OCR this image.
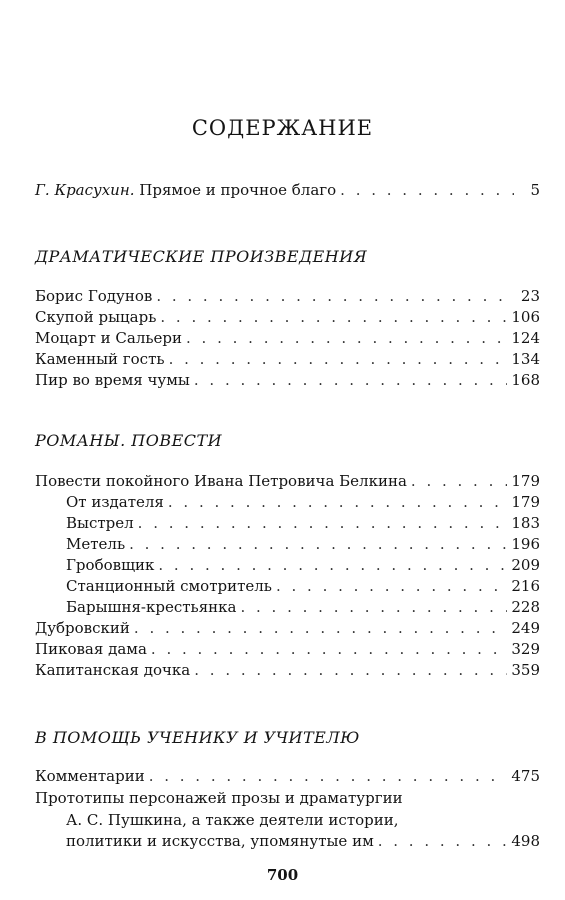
СОДЕРЖАНИЕ
Г. Красухин. Прямое и прочное благо . . .	5
ДРАМАТИЧЕСКИЕ ПРОИЗВЕДЕНИЯ
Борис Годунов . . .	23
Скупой рыцарь . . .	106
Моцарт и Сальери . . .	124
Каменный гость . . .	134
Пир во время чумы . . .	168
РОМАНЫ. ПОВЕСТИ
Повести покойного Ивана Петровича Белкина . . .	179
От издателя . . .	179
Выстрел . . .	183
Метель . . .	196
Гробовщик . . .	209
Станционный смотритель . . .	216
Барышня-крестьянка . . .	228
Дубровский . . .	249
Пиковая дама . . .	329
Капитанская дочка . . .	359
В ПОМОЩЬ УЧЕНИКУ И УЧИТЕЛЮ
Комментарии . . .	475
Прототипы персонажей прозы и драматургии
А. С. Пушкина, а также деятели истории,
политики и искусства, упомянутые им . . .	498
700
